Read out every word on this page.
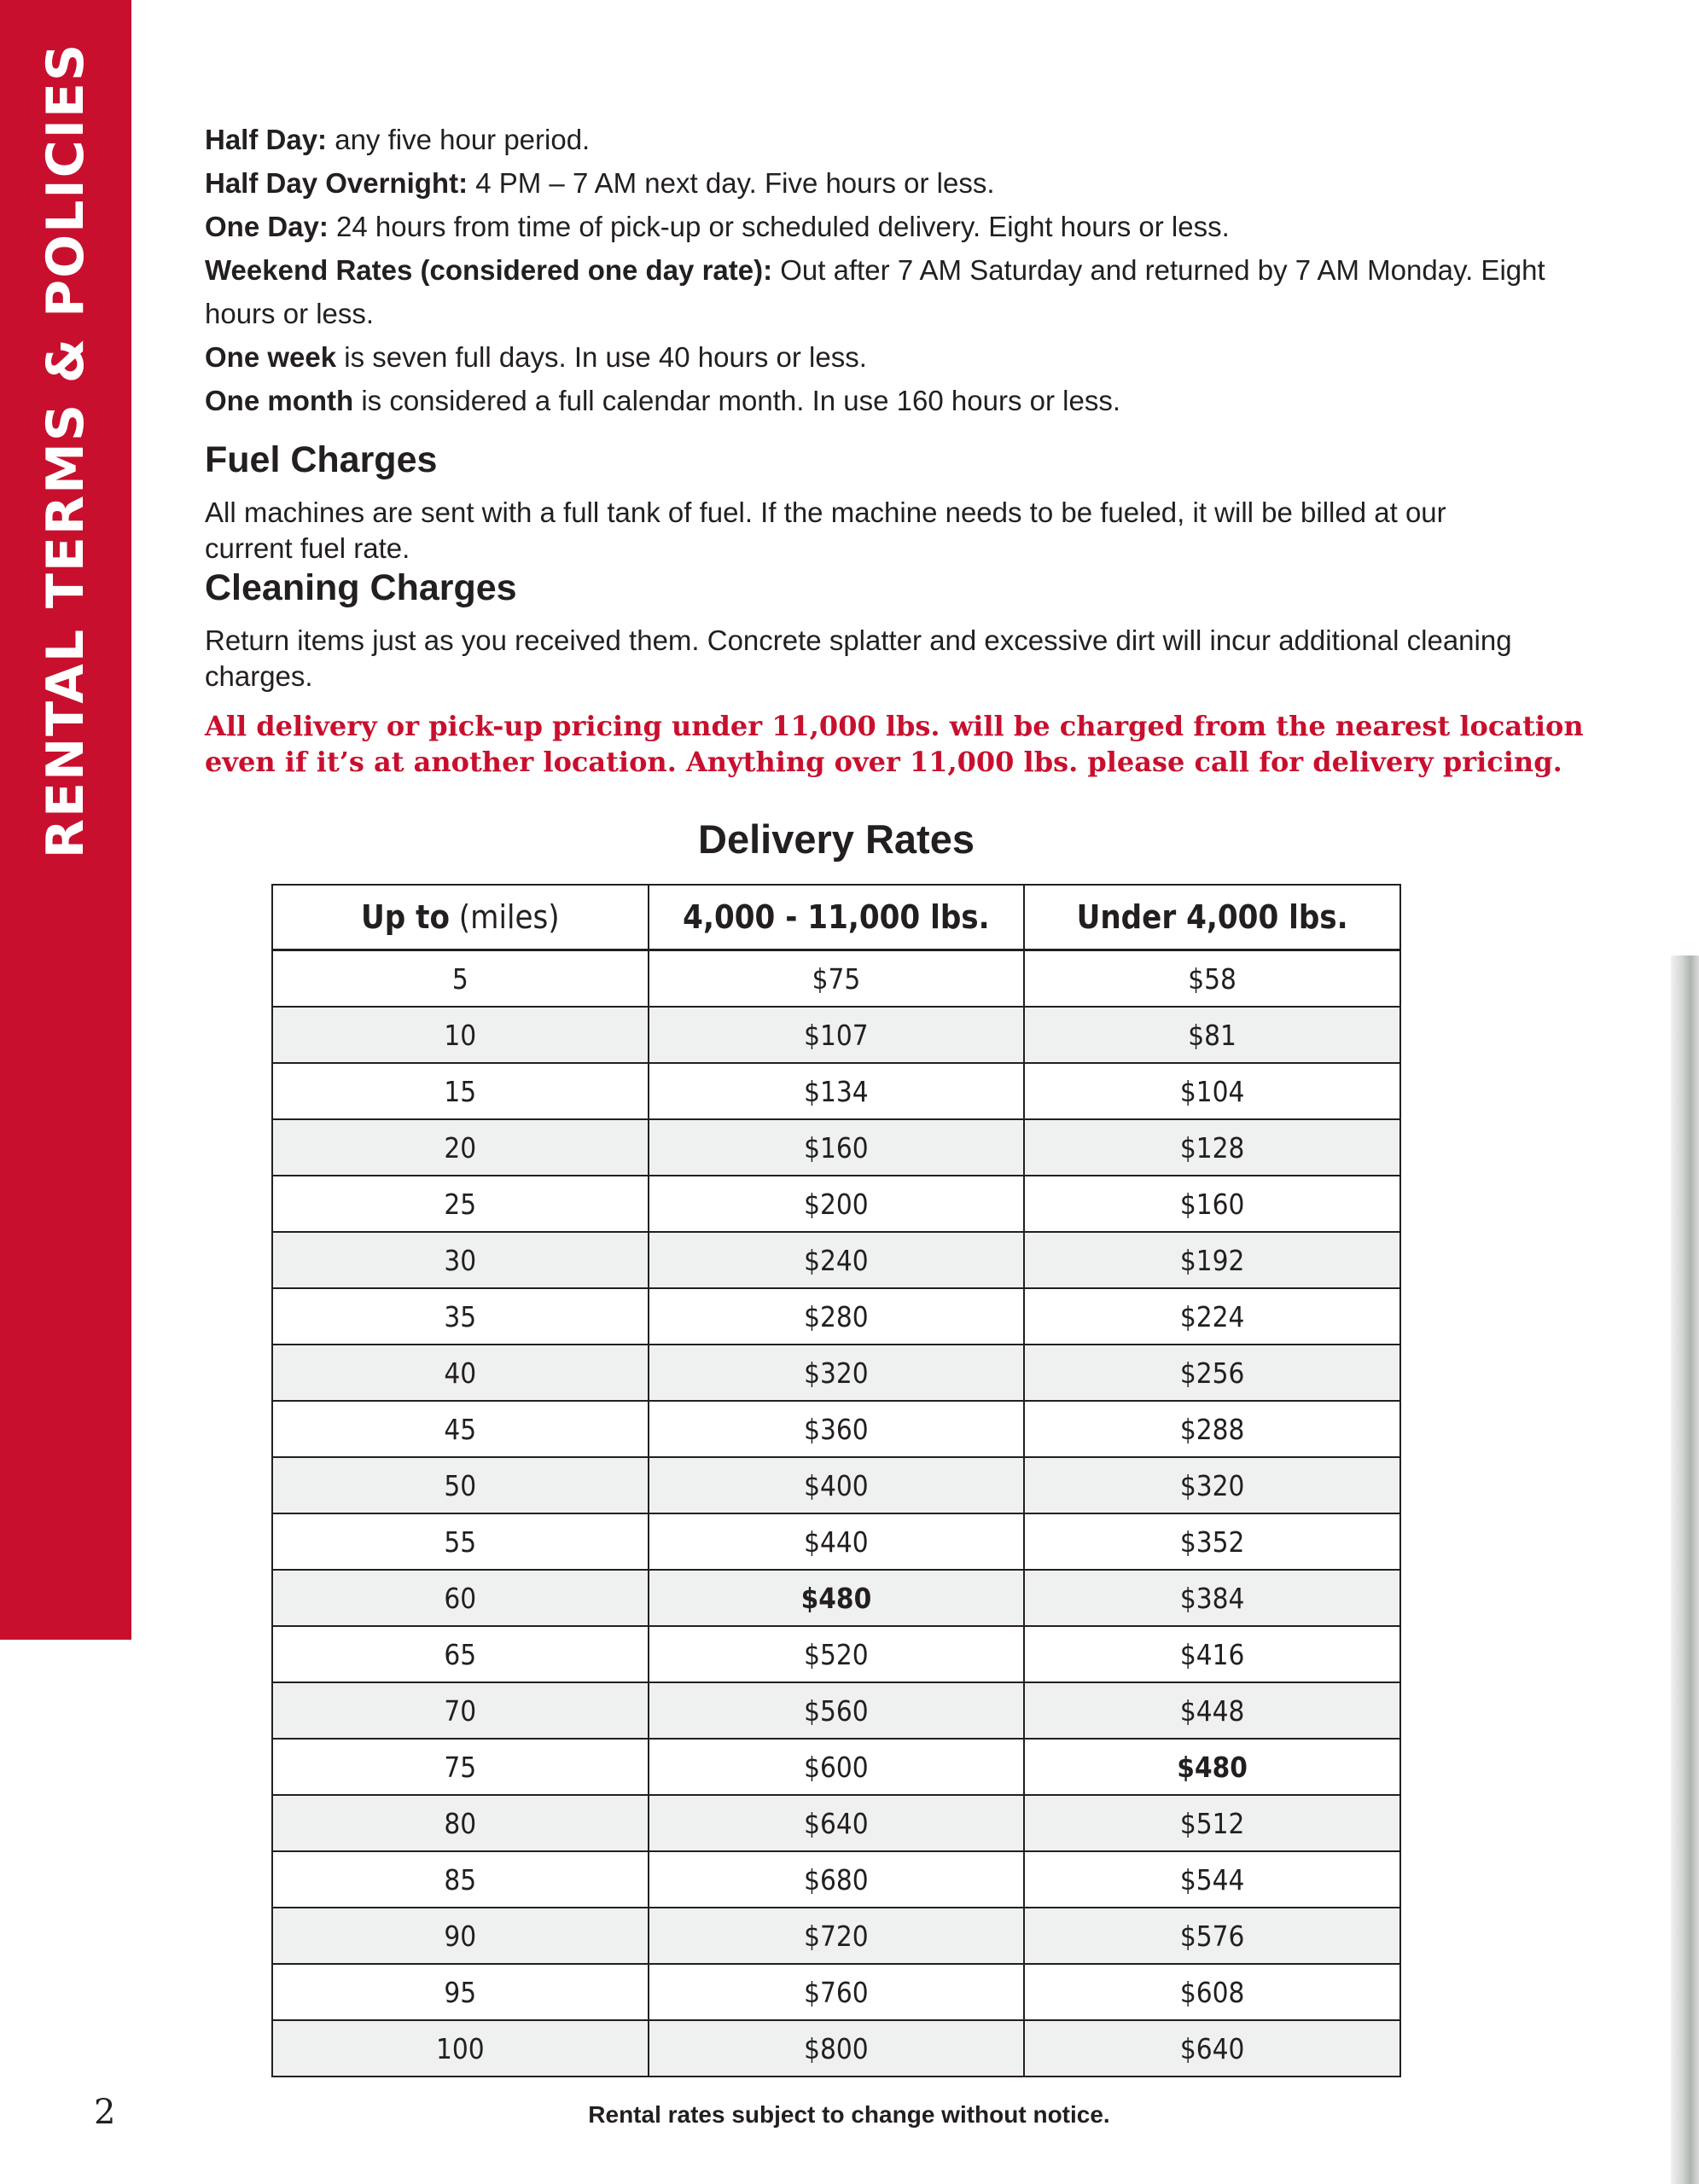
RENTAL TERMS & POLICIES	Half Day: any five hour period.

Half Day Overnight: 4 PM – 7 AM next day. Five hours or less.

One Day: 24 hours from time of pick-up or scheduled delivery. Eight hours or less.

Weekend Rates (considered one day rate): Out after 7 AM Saturday and returned by 7 AM Monday. Eight hours or less.

One week is seven full days. In use 40 hours or less.

One month is considered a full calendar month. In use 160 hours or less.

Fuel Charges

All machines are sent with a full tank of fuel. If the machine needs to be fueled, it will be billed at our current fuel rate.

Cleaning Charges

Return items just as you received them. Concrete splatter and excessive dirt will incur additional cleaning charges.

All delivery or pick-up pricing under 11,000 lbs. will be charged from the nearest location even if it’s at another location. Anything over 11,000 lbs. please call for delivery pricing.

Delivery Rates
Up to (miles)	4,000 - 11,000 lbs.	Under 4,000 lbs.
5	$75	$58
10	$107	$81
15	$134	$104
20	$160	$128
25	$200	$160
30	$240	$192
35	$280	$224
40	$320	$256
45	$360	$288
50	$400	$320
55	$440	$352
60	$480	$384
65	$520	$416
70	$560	$448
75	$600	$480
80	$640	$512
85	$680	$544
90	$720	$576
95	$760	$608
100	$800	$640
2	Rental rates subject to change without notice.
